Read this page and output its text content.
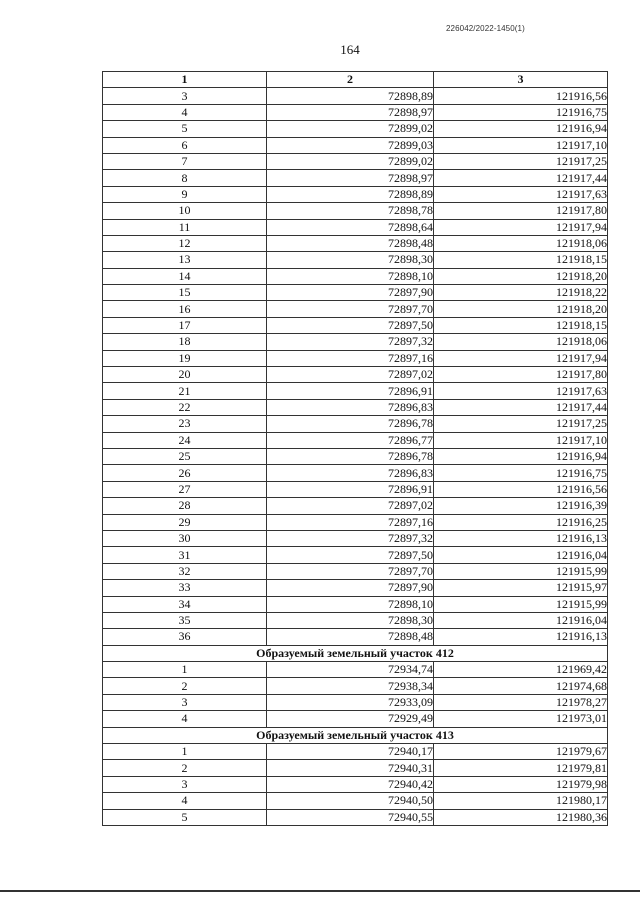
226042/2022-1450(1)
164
1	2	3
3	72898,89	121916,56
4	72898,97	121916,75
5	72899,02	121916,94
6	72899,03	121917,10
7	72899,02	121917,25
8	72898,97	121917,44
9	72898,89	121917,63
10	72898,78	121917,80
11	72898,64	121917,94
12	72898,48	121918,06
13	72898,30	121918,15
14	72898,10	121918,20
15	72897,90	121918,22
16	72897,70	121918,20
17	72897,50	121918,15
18	72897,32	121918,06
19	72897,16	121917,94
20	72897,02	121917,80
21	72896,91	121917,63
22	72896,83	121917,44
23	72896,78	121917,25
24	72896,77	121917,10
25	72896,78	121916,94
26	72896,83	121916,75
27	72896,91	121916,56
28	72897,02	121916,39
29	72897,16	121916,25
30	72897,32	121916,13
31	72897,50	121916,04
32	72897,70	121915,99
33	72897,90	121915,97
34	72898,10	121915,99
35	72898,30	121916,04
36	72898,48	121916,13
Образуемый земельный участок 412		
1	72934,74	121969,42
2	72938,34	121974,68
3	72933,09	121978,27
4	72929,49	121973,01
Образуемый земельный участок 413		
1	72940,17	121979,67
2	72940,31	121979,81
3	72940,42	121979,98
4	72940,50	121980,17
5	72940,55	121980,36
